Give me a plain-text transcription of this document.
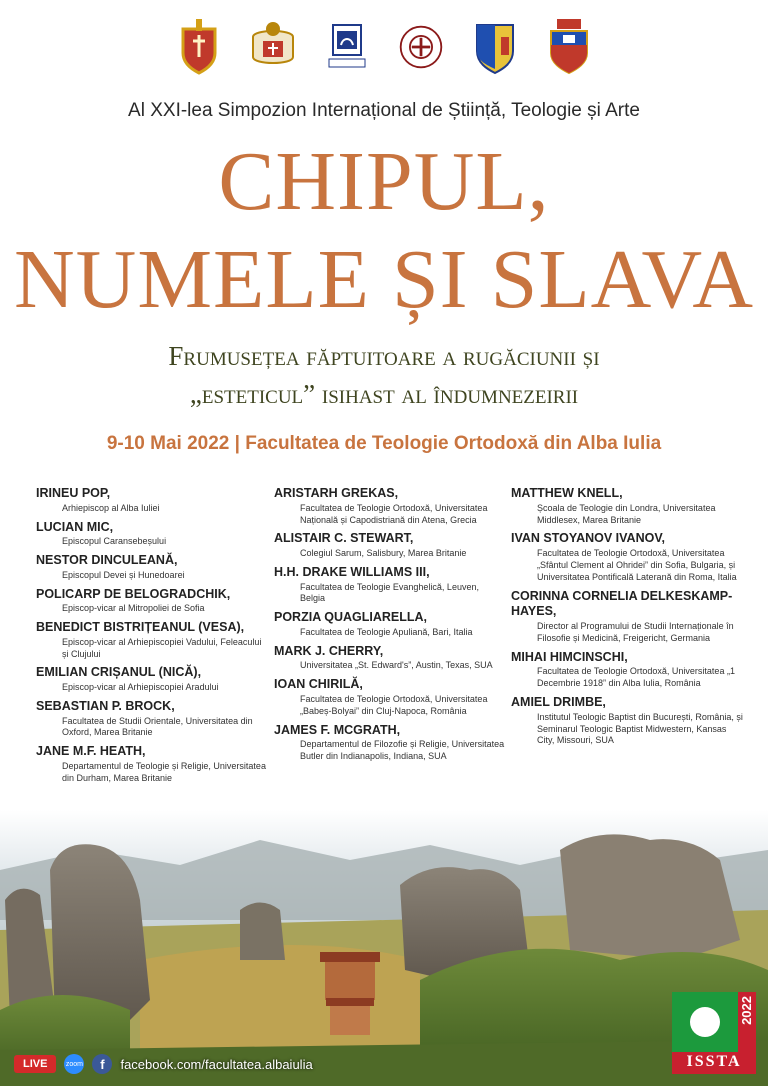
Al XXI-lea Simpozion Internațional de Știință, Teologie și Arte
CHIPUL,
NUMELE ȘI SLAVA
Frumusețea făptuitoare a rugăciunii și
„esteticul” isihast al îndumnezeirii
9-10 Mai 2022 | Facultatea de Teologie Ortodoxă din Alba Iulia
IRINEU POP,
Arhiepiscop al Alba Iuliei
LUCIAN MIC,
Episcopul Caransebeșului
NESTOR DINCULEANĂ,
Episcopul Devei și Hunedoarei
POLICARP DE BELOGRADCHIK,
Episcop-vicar al Mitropoliei de Sofia
BENEDICT BISTRIȚEANUL (VESA),
Episcop-vicar al Arhiepiscopiei Vadului, Feleacului și Clujului
EMILIAN CRIȘANUL (NICĂ),
Episcop-vicar al Arhiepiscopiei Aradului
SEBASTIAN P. BROCK,
Facultatea de Studii Orientale, Universitatea din Oxford, Marea Britanie
JANE M.F. HEATH,
Departamentul de Teologie și Religie, Universitatea din Durham, Marea Britanie
ARISTARH GREKAS,
Facultatea de Teologie Ortodoxă, Universitatea Națională și Capodistriană din Atena, Grecia
ALISTAIR C. STEWART,
Colegiul Sarum, Salisbury, Marea Britanie
H.H. DRAKE WILLIAMS III,
Facultatea de Teologie Evanghelică, Leuven, Belgia
PORZIA QUAGLIARELLA,
Facultatea de Teologie Apuliană, Bari, Italia
MARK J. CHERRY,
Universitatea „St. Edward's”, Austin, Texas, SUA
IOAN CHIRILĂ,
Facultatea de Teologie Ortodoxă, Universitatea „Babeș-Bolyai” din Cluj-Napoca, România
JAMES F. MCGRATH,
Departamentul de Filozofie și Religie, Universitatea Butler din Indianapolis, Indiana, SUA
MATTHEW KNELL,
Școala de Teologie din Londra, Universitatea Middlesex, Marea Britanie
IVAN STOYANOV IVANOV,
Facultatea de Teologie Ortodoxă, Universitatea „Sfântul Clement al Ohridei” din Sofia, Bulgaria, și Universitatea Pontificală Laterană din Roma, Italia
CORINNA CORNELIA DELKESKAMP-HAYES,
Director al Programului de Studii Internaționale în Filosofie și Medicină, Freigericht, Germania
MIHAI HIMCINSCHI,
Facultatea de Teologie Ortodoxă, Universitatea „1 Decembrie 1918” din Alba Iulia, România
AMIEL DRIMBE,
Institutul Teologic Baptist din București, România, și Seminarul Teologic Baptist Midwestern, Kansas City, Missouri, SUA
LIVE	zoom	f	facebook.com/facultatea.albaiulia
2022
ISSTA
